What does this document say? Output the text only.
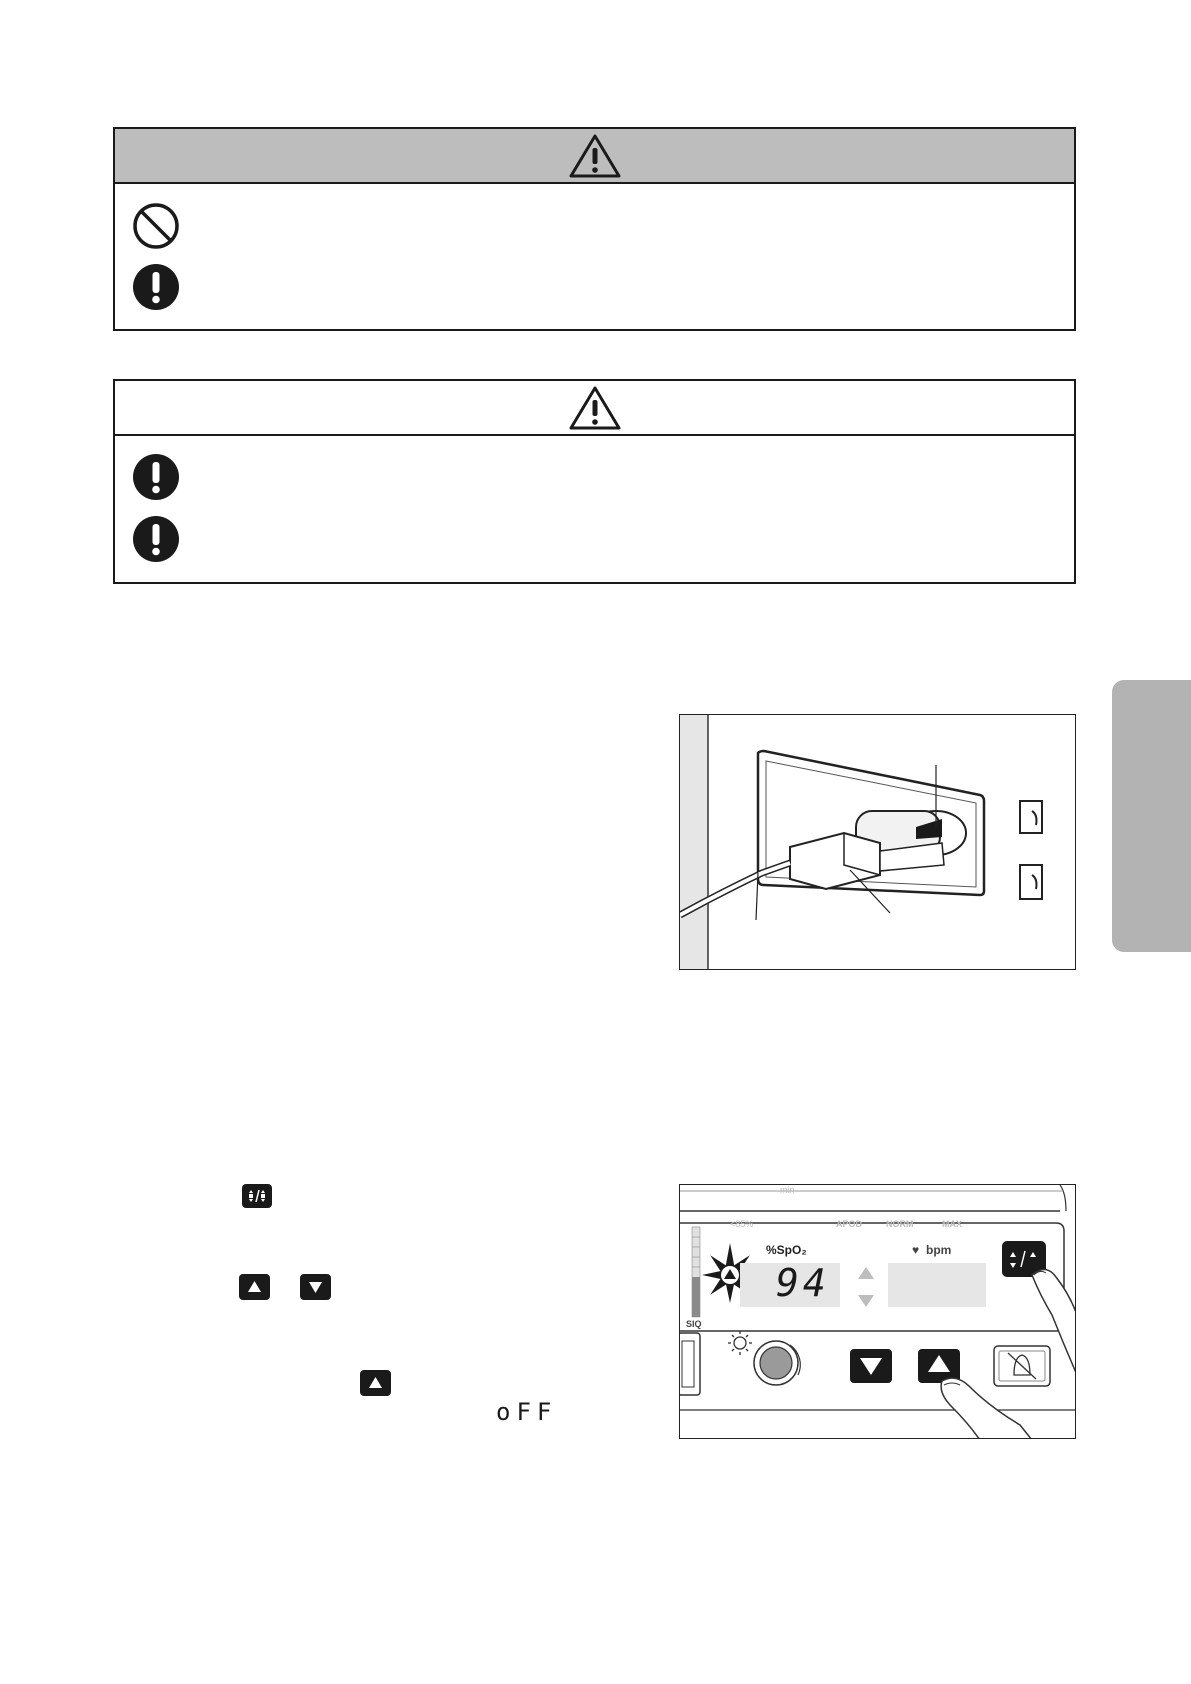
oFF
min
<85%	APOD	NORM	MAX
%SpO₂	♥ bpm
SIQ
94
